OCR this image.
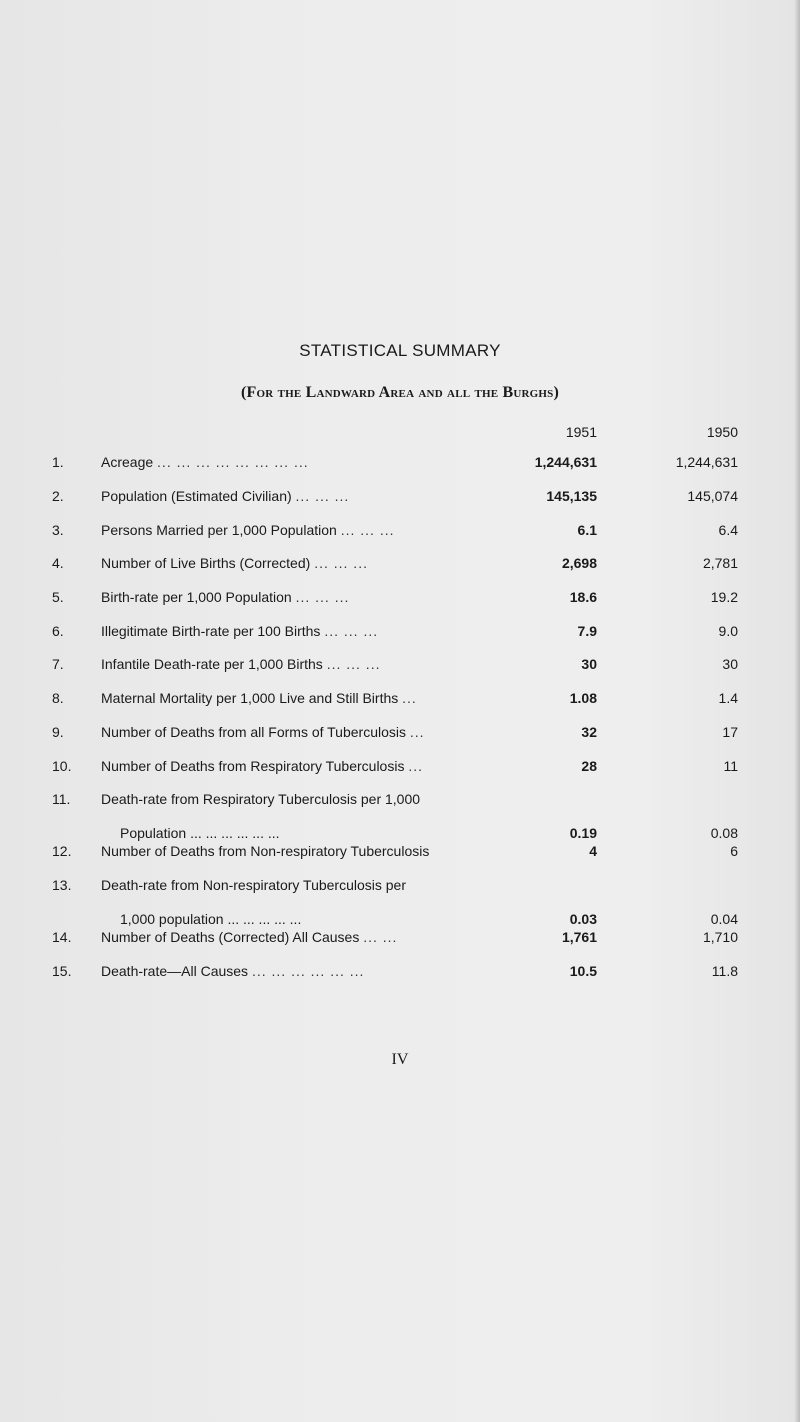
STATISTICAL SUMMARY
(For the Landward Area and all the Burghs)
1951	1950
1.	Acreage ... ... ... ... ... ... ... ...	1,244,631	1,244,631
2.	Population (Estimated Civilian) ... ... ...	145,135	145,074
3.	Persons Married per 1,000 Population ... ... ...	6.1	6.4
4.	Number of Live Births (Corrected) ... ... ...	2,698	2,781
5.	Birth-rate per 1,000 Population ... ... ...	18.6	19.2
6.	Illegitimate Birth-rate per 100 Births ... ... ...	7.9	9.0
7.	Infantile Death-rate per 1,000 Births ... ... ...	30	30
8.	Maternal Mortality per 1,000 Live and Still Births ...	1.08	1.4
9.	Number of Deaths from all Forms of Tuberculosis ...	32	17
10.	Number of Deaths from Respiratory Tuberculosis ...	28	11
11.	Death-rate from Respiratory Tuberculosis per 1,000
Population ... ... ... ... ... ...	0.19	0.08
12.	Number of Deaths from Non-respiratory Tuberculosis	4	6
13.	Death-rate from Non-respiratory Tuberculosis per
1,000 population ... ... ... ... ...	0.03	0.04
14.	Number of Deaths (Corrected) All Causes ... ...	1,761	1,710
15.	Death-rate—All Causes ... ... ... ... ... ...	10.5	11.8
IV
